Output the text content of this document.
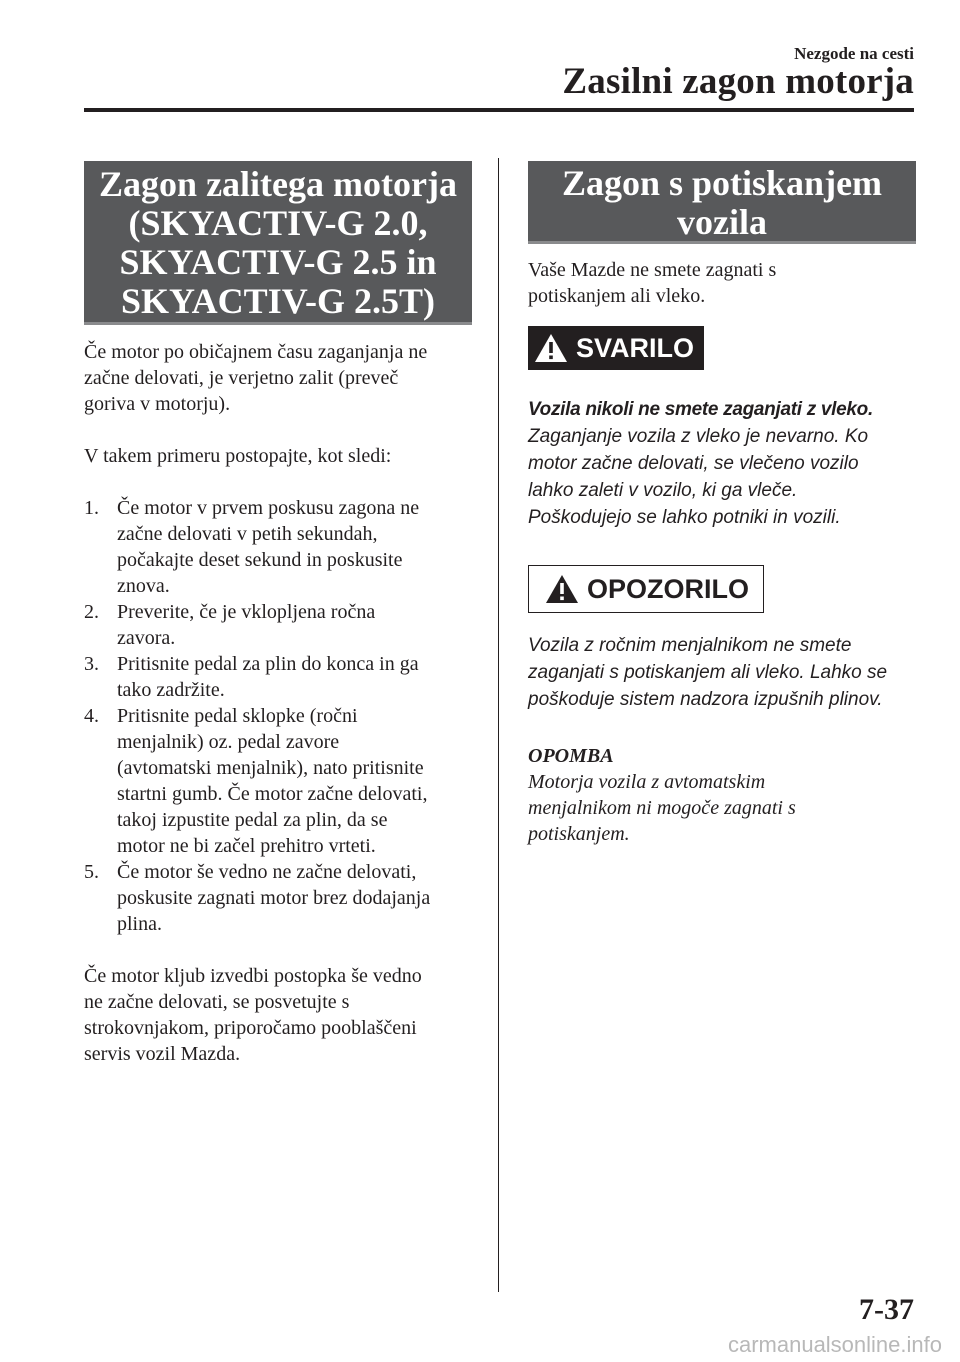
Nezgode na cesti
Zasilni zagon motorja
Zagon zalitega motorja
(SKYACTIV-G 2.0,
SKYACTIV-G 2.5 in
SKYACTIV-G 2.5T)

Če motor po običajnem času zaganjanja ne

začne delovati, je verjetno zalit (preveč

goriva v motorju).

V takem primeru postopajte, kot sledi:

1. Če motor v prvem poskusu zagona ne
začne delovati v petih sekundah,
počakajte deset sekund in poskusite
znova.
2. Preverite, če je vklopljena ročna
zavora.
3. Pritisnite pedal za plin do konca in ga
tako zadržite.
4. Pritisnite pedal sklopke (ročni
menjalnik) oz. pedal zavore
(avtomatski menjalnik), nato pritisnite
startni gumb. Če motor začne delovati,
takoj izpustite pedal za plin, da se
motor ne bi začel prehitro vrteti.
5. Če motor še vedno ne začne delovati,
poskusite zagnati motor brez dodajanja
plina.

Če motor kljub izvedbi postopka še vedno

ne začne delovati, se posvetujte s

strokovnjakom, priporočamo pooblaščeni

servis vozil Mazda.

Zagon s potiskanjem
vozila

Vaše Mazde ne smete zagnati s

potiskanjem ali vleko.

SVARILO
Vozila nikoli ne smete zaganjati z vleko.
Zaganjanje vozila z vleko je nevarno. Ko
motor začne delovati, se vlečeno vozilo
lahko zaleti v vozilo, ki ga vleče.
Poškodujejo se lahko potniki in vozili.
OPOZORILO
Vozila z ročnim menjalnikom ne smete
zaganjati s potiskanjem ali vleko. Lahko se
poškoduje sistem nadzora izpušnih plinov.
OPOMBA
Motorja vozila z avtomatskim
menjalnikom ni mogoče zagnati s
potiskanjem.
7-37
carmanualsonline.info
